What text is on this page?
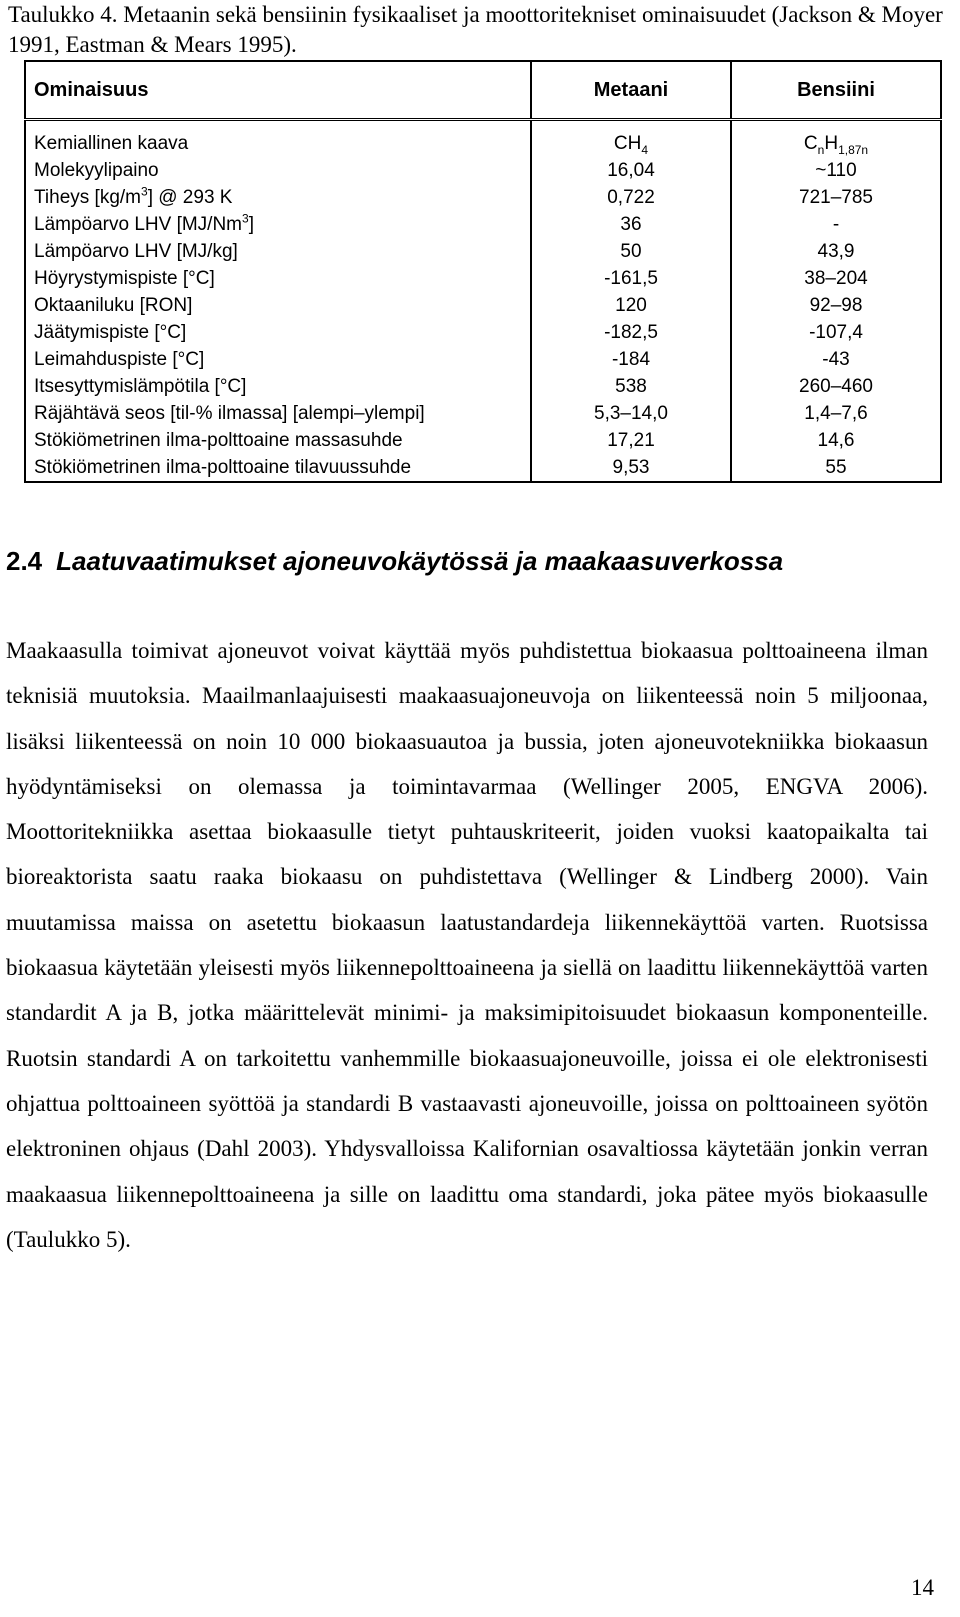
Taulukko 4. Metaanin sekä bensiinin fysikaaliset ja moottoritekniset ominaisuudet (Jackson & Moyer 1991, Eastman & Mears 1995).
Ominaisuus	Metaani	Bensiini
Kemiallinen kaava	$CH_4$	$C_nH_{1,87n}$
Molekyylipaino	16,04	~110
Tiheys $[kg/m^3]$ @ 293 K	0,722	721–785
Lämpöarvo LHV [MJ/Nm$^3$]	36	-
Lämpöarvo LHV [MJ/kg]	50	43,9
Höyrystymispiste [°C]	-161,5	38–204
Oktaaniluku [RON]	120	92–98
Jäätymispiste [°C]	-182,5	-107,4
Leimahduspiste [°C]	-184	-43
Itsesyttymislämpötila [°C]	538	260–460
Räjähtävä seos [til-% ilmassa] [alempi–ylempi]	5,3–14,0	1,4–7,6
Stökiömetrinen ilma-polttoaine massasuhde	17,21	14,6
Stökiömetrinen ilma-polttoaine tilavuussuhde	9,53	55
2.4 Laatuvaatimukset ajoneuvokäytössä ja maakaasuverkossa

Maakaasulla toimivat ajoneuvot voivat käyttää myös puhdistettua biokaasua polttoaineena ilman teknisiä muutoksia. Maailmanlaajuisesti maakaasuajoneuvoja on liikenteessä noin 5 miljoonaa, lisäksi liikenteessä on noin 10 000 biokaasuautoa ja bussia, joten ajoneuvotekniikka biokaasun hyödyntämiseksi on olemassa ja toimintavarmaa (Wellinger 2005, ENGVA 2006). Moottoritekniikka asettaa biokaasulle tietyt puhtauskriteerit, joiden vuoksi kaatopaikalta tai bioreaktorista saatu raaka biokaasu on puhdistettava (Wellinger & Lindberg 2000). Vain muutamissa maissa on asetettu biokaasun laatustandardeja liikennekäyttöä varten. Ruotsissa biokaasua käytetään yleisesti myös liikennepolttoaineena ja siellä on laadittu liikennekäyttöä varten standardit A ja B, jotka määrittelevät minimi- ja maksimipitoisuudet biokaasun komponenteille. Ruotsin standardi A on tarkoitettu vanhemmille biokaasuajoneuvoille, joissa ei ole elektronisesti ohjattua polttoaineen syöttöä ja standardi B vastaavasti ajoneuvoille, joissa on polttoaineen syötön elektroninen ohjaus (Dahl 2003). Yhdysvalloissa Kalifornian osavaltiossa käytetään jonkin verran maakaasua liikennepolttoaineena ja sille on laadittu oma standardi, joka pätee myös biokaasulle (Taulukko 5).

14
